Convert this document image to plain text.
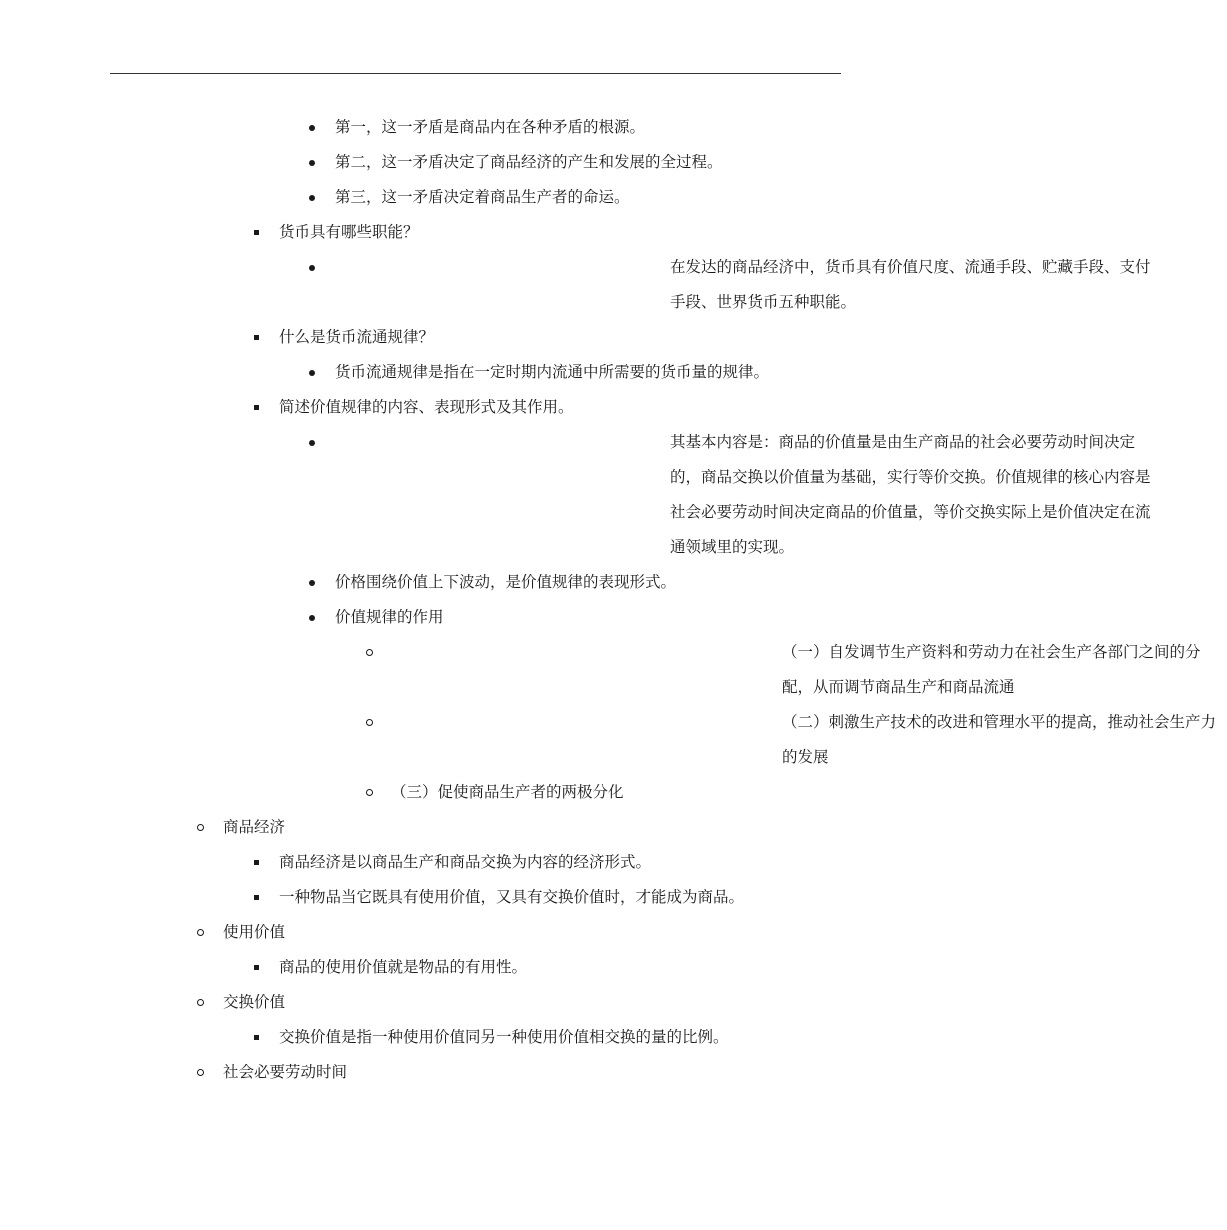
第一，这一矛盾是商品内在各种矛盾的根源。
第二，这一矛盾决定了商品经济的产生和发展的全过程。
第三，这一矛盾决定着商品生产者的命运。
货币具有哪些职能？
在发达的商品经济中，货币具有价值尺度、流通手段、贮藏手段、支付手段、世界货币五种职能。
什么是货币流通规律？
货币流通规律是指在一定时期内流通中所需要的货币量的规律。
简述价值规律的内容、表现形式及其作用。
其基本内容是：商品的价值量是由生产商品的社会必要劳动时间决定的，商品交换以价值量为基础，实行等价交换。价值规律的核心内容是社会必要劳动时间决定商品的价值量，等价交换实际上是价值决定在流通领域里的实现。
价格围绕价值上下波动，是价值规律的表现形式。
价值规律的作用
（一）自发调节生产资料和劳动力在社会生产各部门之间的分配，从而调节商品生产和商品流通
（二）刺激生产技术的改进和管理水平的提高，推动社会生产力的发展
（三）促使商品生产者的两极分化
商品经济
商品经济是以商品生产和商品交换为内容的经济形式。
一种物品当它既具有使用价值，又具有交换价值时，才能成为商品。
使用价值
商品的使用价值就是物品的有用性。
交换价值
交换价值是指一种使用价值同另一种使用价值相交换的量的比例。
社会必要劳动时间
